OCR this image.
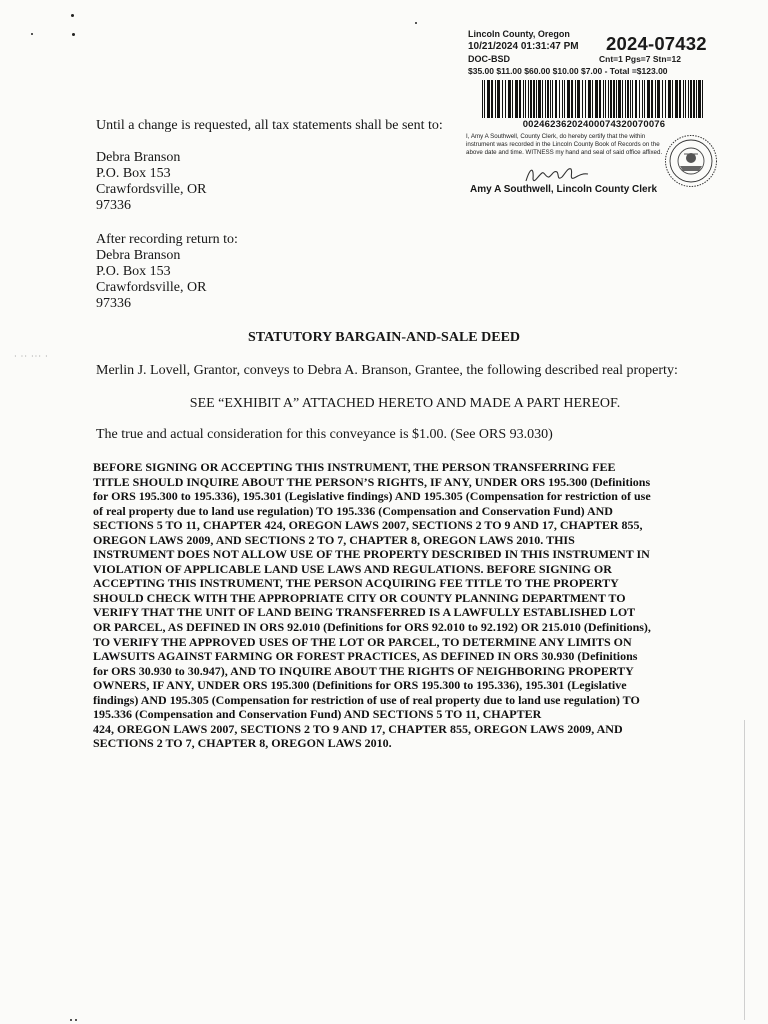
Lincoln County, Oregon
10/21/2024 01:31:47 PM 2024-07432
DOC-BSD	Cnt=1 Pgs=7 Stn=12
$35.00 $11.00 $60.00 $10.00 $7.00 - Total =$123.00
00246236202400074320070076
I, Amy A Southwell, County Clerk, do hereby certify that the within instrument was recorded in the Lincoln County Book of Records on the above date and time. WITNESS my hand and seal of said office affixed.
Amy A Southwell, Lincoln County Clerk
Until a change is requested, all tax statements shall be sent to:
Debra Branson
P.O. Box 153
Crawfordsville, OR
97336
After recording return to:
Debra Branson
P.O. Box 153
Crawfordsville, OR
97336
STATUTORY BARGAIN-AND-SALE DEED
· ·· ··· ·
Merlin J. Lovell, Grantor, conveys to Debra A. Branson, Grantee, the following described real property:
SEE “EXHIBIT A” ATTACHED HERETO AND MADE A PART HEREOF.
The true and actual consideration for this conveyance is $1.00. (See ORS 93.030)
BEFORE SIGNING OR ACCEPTING THIS INSTRUMENT, THE PERSON TRANSFERRING FEE
TITLE SHOULD INQUIRE ABOUT THE PERSON’S RIGHTS, IF ANY, UNDER ORS 195.300 (Definitions
for ORS 195.300 to 195.336), 195.301 (Legislative findings) AND 195.305 (Compensation for restriction of use
of real property due to land use regulation) TO 195.336 (Compensation and Conservation Fund) AND
SECTIONS 5 TO 11, CHAPTER 424, OREGON LAWS 2007, SECTIONS 2 TO 9 AND 17, CHAPTER 855,
OREGON LAWS 2009, AND SECTIONS 2 TO 7, CHAPTER 8, OREGON LAWS 2010. THIS
INSTRUMENT DOES NOT ALLOW USE OF THE PROPERTY DESCRIBED IN THIS INSTRUMENT IN
VIOLATION OF APPLICABLE LAND USE LAWS AND REGULATIONS. BEFORE SIGNING OR
ACCEPTING THIS INSTRUMENT, THE PERSON ACQUIRING FEE TITLE TO THE PROPERTY
SHOULD CHECK WITH THE APPROPRIATE CITY OR COUNTY PLANNING DEPARTMENT TO
VERIFY THAT THE UNIT OF LAND BEING TRANSFERRED IS A LAWFULLY ESTABLISHED LOT
OR PARCEL, AS DEFINED IN ORS 92.010 (Definitions for ORS 92.010 to 92.192) OR 215.010 (Definitions),
TO VERIFY THE APPROVED USES OF THE LOT OR PARCEL, TO DETERMINE ANY LIMITS ON
LAWSUITS AGAINST FARMING OR FOREST PRACTICES, AS DEFINED IN ORS 30.930 (Definitions
for ORS 30.930 to 30.947), AND TO INQUIRE ABOUT THE RIGHTS OF NEIGHBORING PROPERTY
OWNERS, IF ANY, UNDER ORS 195.300 (Definitions for ORS 195.300 to 195.336), 195.301 (Legislative
findings) AND 195.305 (Compensation for restriction of use of real property due to land use regulation) TO
195.336 (Compensation and Conservation Fund) AND SECTIONS 5 TO 11, CHAPTER
424, OREGON LAWS 2007, SECTIONS 2 TO 9 AND 17, CHAPTER 855, OREGON LAWS 2009, AND
SECTIONS 2 TO 7, CHAPTER 8, OREGON LAWS 2010.
